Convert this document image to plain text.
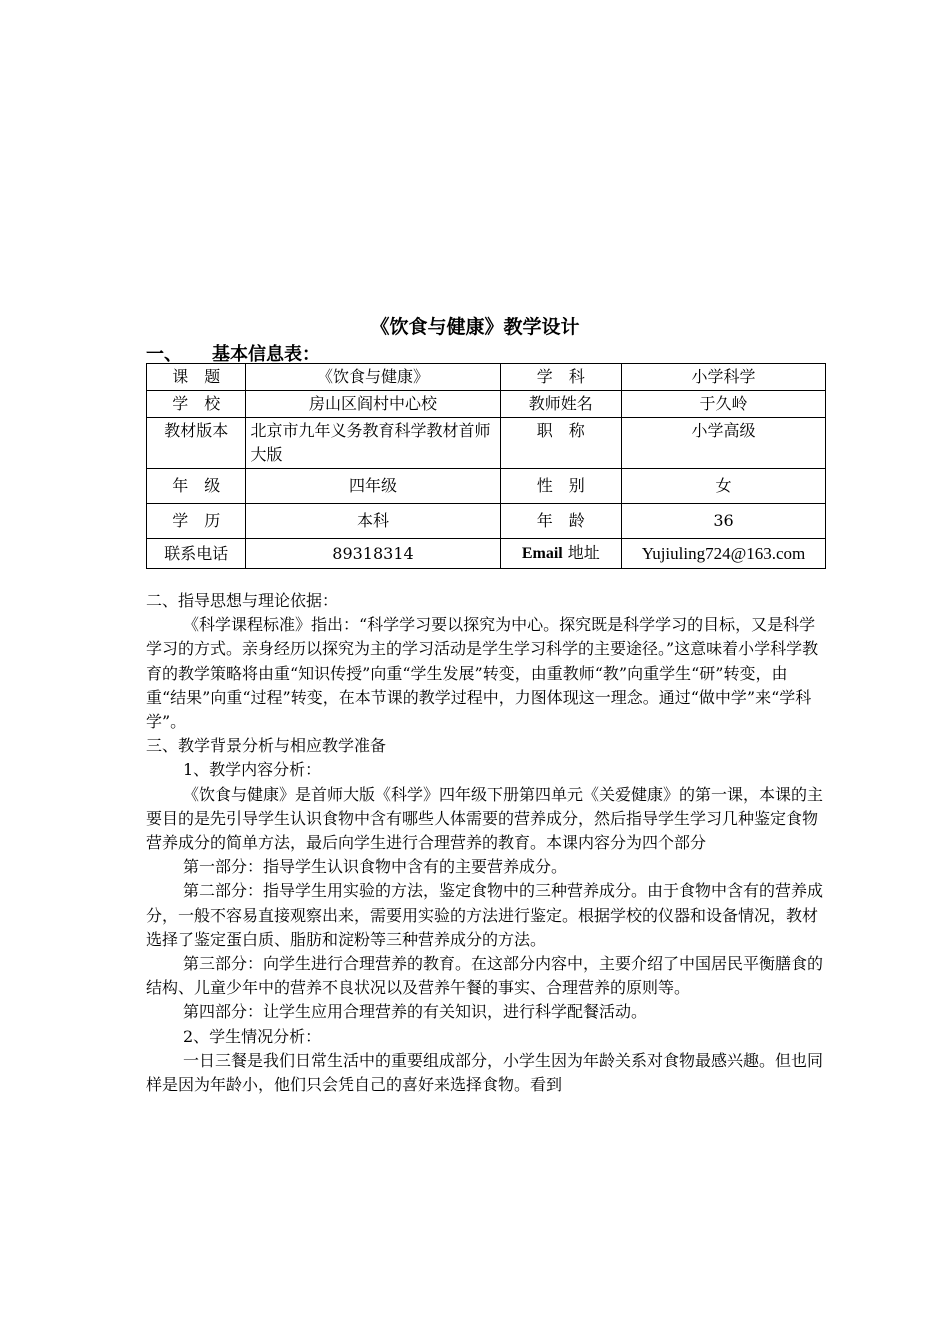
《饮食与健康》教学设计
一、 基本信息表：
课　题	《饮食与健康》	学　科	小学科学
学　校	房山区阎村中心校	教师姓名	于久岭
教材版本	北京市九年义务教育科学教材首师大版	职　称	小学高级
年　级	四年级	性　别	女
学　历	本科	年　龄	36
联系电话	89318314	Email 地址	Yujiuling724@163.com

二、指导思想与理论依据：

《科学课程标准》指出：“科学学习要以探究为中心。探究既是科学学习的目标，又是科学学习的方式。亲身经历以探究为主的学习活动是学生学习科学的主要途径。”这意味着小学科学教育的教学策略将由重“知识传授”向重“学生发展”转变，由重教师“教”向重学生“研”转变，由重“结果”向重“过程”转变，在本节课的教学过程中，力图体现这一理念。通过“做中学”来“学科学”。

三、教学背景分析与相应教学准备

1、教学内容分析：

《饮食与健康》是首师大版《科学》四年级下册第四单元《关爱健康》的第一课，本课的主要目的是先引导学生认识食物中含有哪些人体需要的营养成分，然后指导学生学习几种鉴定食物营养成分的简单方法，最后向学生进行合理营养的教育。本课内容分为四个部分

第一部分：指导学生认识食物中含有的主要营养成分。

第二部分：指导学生用实验的方法，鉴定食物中的三种营养成分。由于食物中含有的营养成分，一般不容易直接观察出来，需要用实验的方法进行鉴定。根据学校的仪器和设备情况，教材选择了鉴定蛋白质、脂肪和淀粉等三种营养成分的方法。

第三部分：向学生进行合理营养的教育。在这部分内容中，主要介绍了中国居民平衡膳食的结构、儿童少年中的营养不良状况以及营养午餐的事实、合理营养的原则等。

第四部分：让学生应用合理营养的有关知识，进行科学配餐活动。

2、学生情况分析：

一日三餐是我们日常生活中的重要组成部分，小学生因为年龄关系对食物最感兴趣。但也同样是因为年龄小，他们只会凭自己的喜好来选择食物。看到
